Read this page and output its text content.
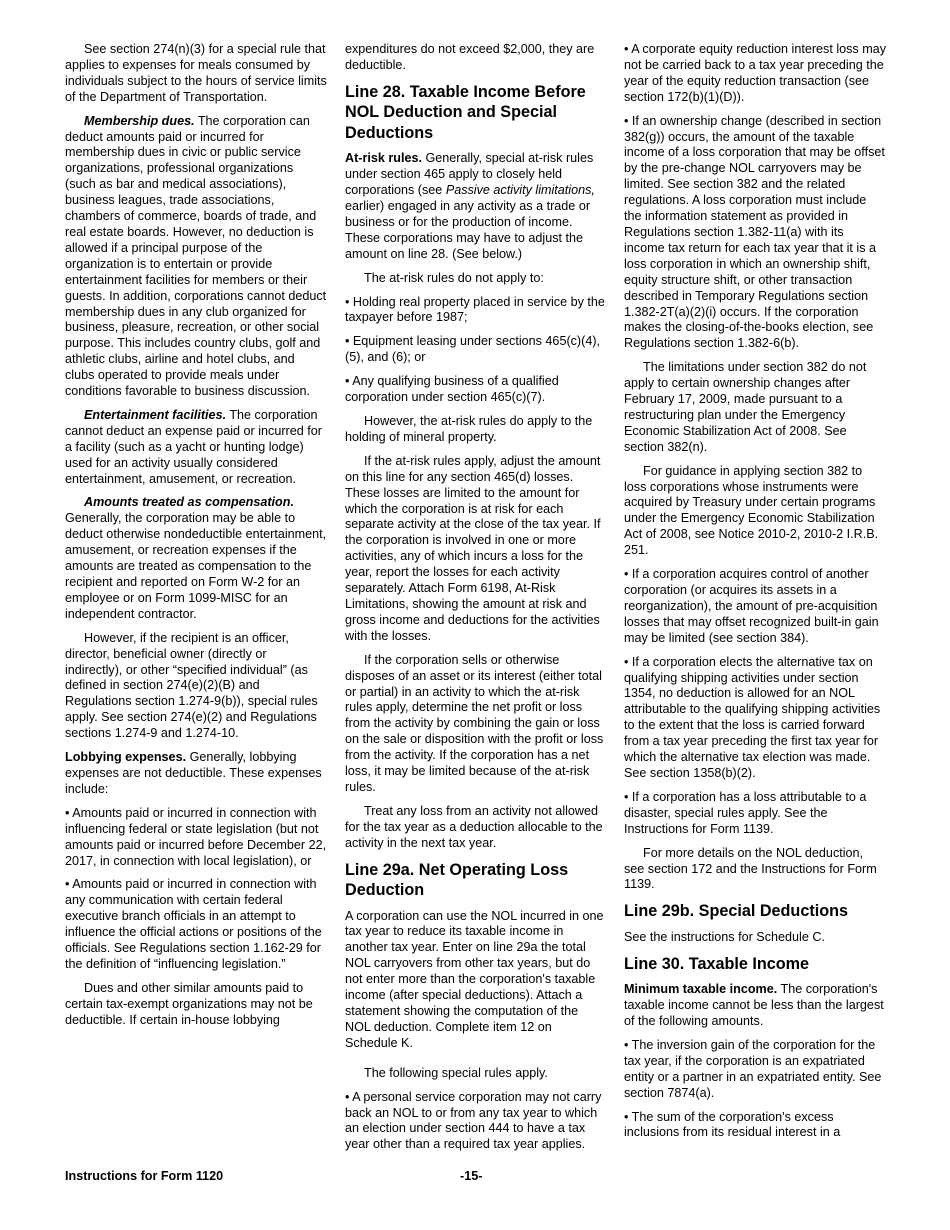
See section 274(n)(3) for a special rule that applies to expenses for meals consumed by individuals subject to the hours of service limits of the Department of Transportation.

Membership dues. The corporation can deduct amounts paid or incurred for membership dues in civic or public service organizations, professional organizations (such as bar and medical associations), business leagues, trade associations, chambers of commerce, boards of trade, and real estate boards. However, no deduction is allowed if a principal purpose of the organization is to entertain or provide entertainment facilities for members or their guests. In addition, corporations cannot deduct membership dues in any club organized for business, pleasure, recreation, or other social purpose. This includes country clubs, golf and athletic clubs, airline and hotel clubs, and clubs operated to provide meals under conditions favorable to business discussion.

Entertainment facilities. The corporation cannot deduct an expense paid or incurred for a facility (such as a yacht or hunting lodge) used for an activity usually considered entertainment, amusement, or recreation.

Amounts treated as compensation.
Generally, the corporation may be able to deduct otherwise nondeductible entertainment, amusement, or recreation expenses if the amounts are treated as compensation to the recipient and reported on Form W-2 for an employee or on Form 1099-MISC for an independent contractor.

However, if the recipient is an officer, director, beneficial owner (directly or indirectly), or other “specified individual” (as defined in section 274(e)(2)(B) and Regulations section 1.274-9(b)), special rules apply. See section 274(e)(2) and Regulations sections 1.274-9 and 1.274-10.

Lobbying expenses. Generally, lobbying expenses are not deductible. These expenses include:

• Amounts paid or incurred in connection with influencing federal or state legislation (but not amounts paid or incurred before December 22, 2017, in connection with local legislation), or

• Amounts paid or incurred in connection with any communication with certain federal executive branch officials in an attempt to influence the official actions or positions of the officials. See Regulations section 1.162-29 for the definition of “influencing legislation.”

Dues and other similar amounts paid to certain tax-exempt organizations may not be deductible. If certain in-house lobbying

expenditures do not exceed $2,000, they are deductible.

Line 28. Taxable Income Before NOL Deduction and Special Deductions

At-risk rules. Generally, special at-risk rules under section 465 apply to closely held corporations (see Passive activity limitations, earlier) engaged in any activity as a trade or business or for the production of income. These corporations may have to adjust the amount on line 28. (See below.)

The at-risk rules do not apply to:

• Holding real property placed in service by the taxpayer before 1987;

• Equipment leasing under sections 465(c)(4), (5), and (6); or

• Any qualifying business of a qualified corporation under section 465(c)(7).

However, the at-risk rules do apply to the holding of mineral property.

If the at-risk rules apply, adjust the amount on this line for any section 465(d) losses. These losses are limited to the amount for which the corporation is at risk for each separate activity at the close of the tax year. If the corporation is involved in one or more activities, any of which incurs a loss for the year, report the losses for each activity separately. Attach Form 6198, At-Risk Limitations, showing the amount at risk and gross income and deductions for the activities with the losses.

If the corporation sells or otherwise disposes of an asset or its interest (either total or partial) in an activity to which the at-risk rules apply, determine the net profit or loss from the activity by combining the gain or loss on the sale or disposition with the profit or loss from the activity. If the corporation has a net loss, it may be limited because of the at-risk rules.

Treat any loss from an activity not allowed for the tax year as a deduction allocable to the activity in the next tax year.

Line 29a. Net Operating Loss Deduction

A corporation can use the NOL incurred in one tax year to reduce its taxable income in another tax year. Enter on line 29a the total NOL carryovers from other tax years, but do not enter more than the corporation's taxable income (after special deductions). Attach a statement showing the computation of the NOL deduction. Complete item 12 on Schedule K.

The following special rules apply.

• A personal service corporation may not carry back an NOL to or from any tax year to which an election under section 444 to have a tax year other than a required tax year applies.

• A corporate equity reduction interest loss may not be carried back to a tax year preceding the year of the equity reduction transaction (see section 172(b)(1)(D)).

• If an ownership change (described in section 382(g)) occurs, the amount of the taxable income of a loss corporation that may be offset by the pre-change NOL carryovers may be limited. See section 382 and the related regulations. A loss corporation must include the information statement as provided in Regulations section 1.382-11(a) with its income tax return for each tax year that it is a loss corporation in which an ownership shift, equity structure shift, or other transaction described in Temporary Regulations section 1.382-2T(a)(2)(i) occurs. If the corporation makes the closing-of-the-books election, see Regulations section 1.382-6(b).

The limitations under section 382 do not apply to certain ownership changes after February 17, 2009, made pursuant to a restructuring plan under the Emergency Economic Stabilization Act of 2008. See section 382(n).

For guidance in applying section 382 to loss corporations whose instruments were acquired by Treasury under certain programs under the Emergency Economic Stabilization Act of 2008, see Notice 2010-2, 2010-2 I.R.B. 251.

• If a corporation acquires control of another corporation (or acquires its assets in a reorganization), the amount of pre-acquisition losses that may offset recognized built-in gain may be limited (see section 384).

• If a corporation elects the alternative tax on qualifying shipping activities under section 1354, no deduction is allowed for an NOL attributable to the qualifying shipping activities to the extent that the loss is carried forward from a tax year preceding the first tax year for which the alternative tax election was made. See section 1358(b)(2).

• If a corporation has a loss attributable to a disaster, special rules apply. See the Instructions for Form 1139.

For more details on the NOL deduction, see section 172 and the Instructions for Form 1139.

Line 29b. Special Deductions

See the instructions for Schedule C.

Line 30. Taxable Income

Minimum taxable income. The corporation's taxable income cannot be less than the largest of the following amounts.

• The inversion gain of the corporation for the tax year, if the corporation is an expatriated entity or a partner in an expatriated entity. See section 7874(a).

• The sum of the corporation's excess inclusions from its residual interest in a

Instructions for Form 1120	-15-
